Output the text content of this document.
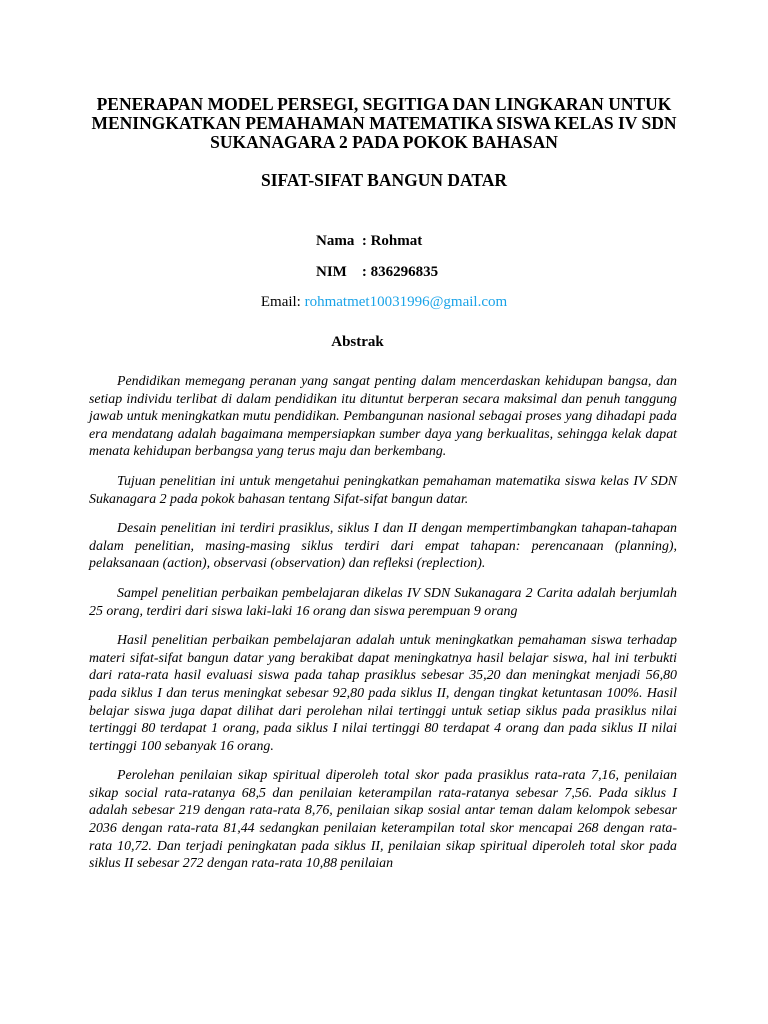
PENERAPAN MODEL PERSEGI, SEGITIGA DAN LINGKARAN UNTUK
MENINGKATKAN PEMAHAMAN MATEMATIKA SISWA KELAS IV SDN
SUKANAGARA 2 PADA POKOK BAHASAN
SIFAT-SIFAT BANGUN DATAR

Nama  : Rohmat

NIM    : 836296835

Email: rohmatmet10031996@gmail.com

Abstrak

Pendidikan memegang peranan yang sangat penting dalam mencerdaskan kehidupan bangsa, dan setiap individu terlibat di dalam pendidikan itu dituntut berperan secara maksimal dan penuh tanggung jawab untuk meningkatkan mutu pendidikan. Pembangunan nasional sebagai proses yang dihadapi pada era mendatang adalah bagaimana mempersiapkan sumber daya yang berkualitas, sehingga kelak dapat menata kehidupan berbangsa yang terus maju dan berkembang.

Tujuan penelitian ini untuk mengetahui peningkatkan pemahaman matematika siswa kelas IV SDN Sukanagara 2 pada pokok bahasan tentang Sifat-sifat bangun datar.

Desain penelitian ini terdiri prasiklus, siklus I dan II dengan mempertimbangkan tahapan-tahapan dalam penelitian, masing-masing siklus terdiri dari empat tahapan: perencanaan (planning), pelaksanaan (action), observasi (observation) dan refleksi (replection).

Sampel penelitian perbaikan pembelajaran dikelas IV SDN Sukanagara 2 Carita adalah berjumlah 25 orang, terdiri dari siswa laki-laki 16 orang dan siswa perempuan 9 orang

Hasil penelitian perbaikan pembelajaran adalah untuk meningkatkan pemahaman siswa terhadap materi sifat-sifat bangun datar yang berakibat dapat meningkatnya hasil belajar siswa, hal ini terbukti dari rata-rata hasil evaluasi siswa pada tahap prasiklus sebesar 35,20 dan meningkat menjadi 56,80 pada siklus I dan terus meningkat sebesar 92,80 pada siklus II, dengan tingkat ketuntasan 100%. Hasil belajar siswa juga dapat dilihat dari perolehan nilai tertinggi untuk setiap siklus pada prasiklus nilai tertinggi 80 terdapat 1 orang, pada siklus I nilai tertinggi 80 terdapat 4 orang dan pada siklus II nilai tertinggi 100 sebanyak 16 orang.

Perolehan penilaian sikap spiritual diperoleh total skor pada prasiklus rata-rata 7,16, penilaian sikap social rata-ratanya 68,5 dan penilaian keterampilan rata-ratanya sebesar 7,56. Pada siklus I adalah sebesar 219 dengan rata-rata 8,76, penilaian sikap sosial antar teman dalam kelompok sebesar 2036 dengan rata-rata 81,44 sedangkan penilaian keterampilan total skor mencapai 268 dengan rata-rata 10,72. Dan terjadi peningkatan pada siklus II, penilaian sikap spiritual diperoleh total skor pada siklus II sebesar 272 dengan rata-rata 10,88 penilaian
